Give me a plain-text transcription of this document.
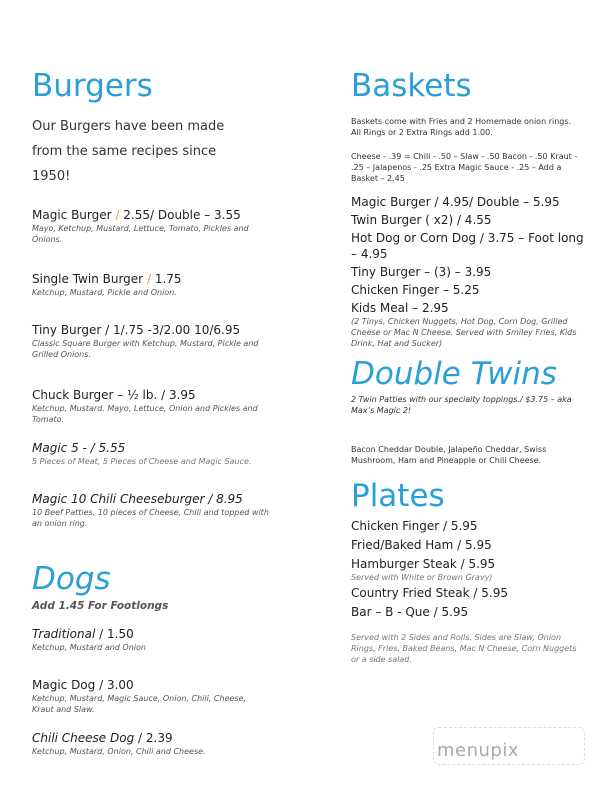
Burgers
Our Burgers have been made
from the same recipes since
1950!
Magic Burger / 2.55/ Double – 3.55
Mayo, Ketchup, Mustard, Lettuce, Tomato, Pickles and Onions.
Single Twin Burger / 1.75
Ketchup, Mustard, Pickle and Onion.
Tiny Burger / 1/.75 -3/2.00 10/6.95
Classic Square Burger with Ketchup, Mustard, Pickle and Grilled Onions.
Chuck Burger – ½ lb. / 3.95
Ketchup, Mustard. Mayo, Lettuce, Onion and Pickles and Tomato.
Magic 5 - / 5.55
5 Pieces of Meat, 5 Pieces of Cheese and Magic Sauce.
Magic 10 Chili Cheeseburger / 8.95
10 Beef Patties, 10 pieces of Cheese, Chili and topped with an onion ring.
Dogs
Add 1.45 For Footlongs
Traditional / 1.50
Ketchup, Mustard and Onion
Magic Dog / 3.00
Ketchup, Mustard, Magic Sauce, Onion, Chili, Cheese, Kraut and Slaw.
Chili Cheese Dog / 2.39
Ketchup, Mustard, Onion, Chili and Cheese.
Baskets
Baskets come with Fries and 2 Homemade onion rings. All Rings or 2 Extra Rings add 1.00.
Cheese - .39 = Chili - .50 – Slaw - .50 Bacon - .50 Kraut - .25 – Jalapenos - .25 Extra Magic Sauce - .25 – Add a Basket – 2.45
Magic Burger / 4.95/ Double – 5.95
Twin Burger ( x2) / 4.55
Hot Dog or Corn Dog / 3.75 – Foot long – 4.95
Tiny Burger – (3) – 3.95
Chicken Finger – 5.25
Kids Meal – 2.95
(2 Tinys, Chicken Nuggets, Hot Dog, Corn Dog, Grilled Cheese or Mac N Cheese. Served with Smiley Fries, Kids Drink, Hat and Sucker)
Double Twins
2 Twin Patties with our specialty toppings./ $3.75 – aka Max’s Magic 2!
Bacon Cheddar Double, Jalapeño Cheddar, Swiss Mushroom, Ham and Pineapple or Chili Cheese.
Plates
Chicken Finger / 5.95
Fried/Baked Ham / 5.95
Hamburger Steak / 5.95
Served with White or Brown Gravy)
Country Fried Steak / 5.95
Bar – B - Que / 5.95
Served with 2 Sides and Rolls. Sides are Slaw, Onion Rings, Fries, Baked Beans, Mac N Cheese, Corn Nuggets or a side salad.
menupix
